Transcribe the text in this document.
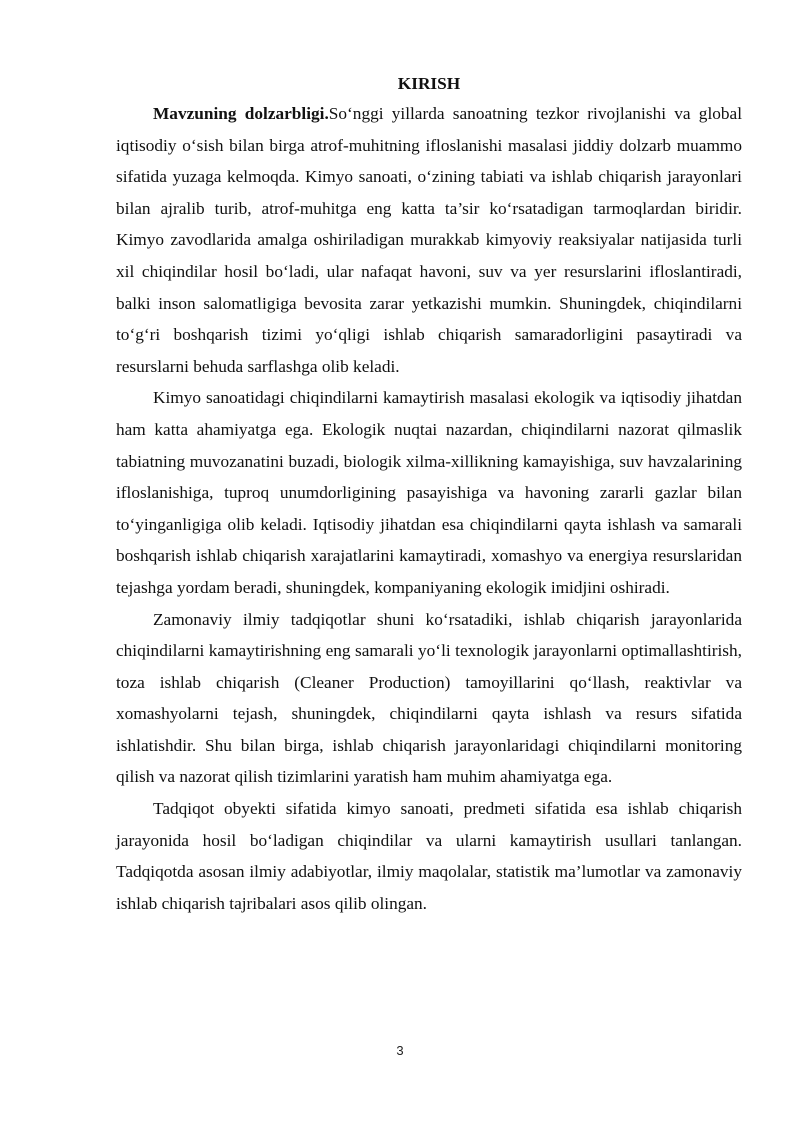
KIRISH

Mavzuning dolzarbligi.So‘nggi yillarda sanoatning tezkor rivojlanishi va global iqtisodiy o‘sish bilan birga atrof-muhitning ifloslanishi masalasi jiddiy dolzarb muammo sifatida yuzaga kelmoqda. Kimyo sanoati, o‘zining tabiati va ishlab chiqarish jarayonlari bilan ajralib turib, atrof-muhitga eng katta ta’sir ko‘rsatadigan tarmoqlardan biridir. Kimyo zavodlarida amalga oshiriladigan murakkab kimyoviy reaksiyalar natijasida turli xil chiqindilar hosil bo‘ladi, ular nafaqat havoni, suv va yer resurslarini ifloslantiradi, balki inson salomatligiga bevosita zarar yetkazishi mumkin. Shuningdek, chiqindilarni to‘g‘ri boshqarish tizimi yo‘qligi ishlab chiqarish samaradorligini pasaytiradi va resurslarni behuda sarflashga olib keladi.

Kimyo sanoatidagi chiqindilarni kamaytirish masalasi ekologik va iqtisodiy jihatdan ham katta ahamiyatga ega. Ekologik nuqtai nazardan, chiqindilarni nazorat qilmaslik tabiatning muvozanatini buzadi, biologik xilma-xillikning kamayishiga, suv havzalarining ifloslanishiga, tuproq unumdorligining pasayishiga va havoning zararli gazlar bilan to‘yinganligiga olib keladi. Iqtisodiy jihatdan esa chiqindilarni qayta ishlash va samarali boshqarish ishlab chiqarish xarajatlarini kamaytiradi, xomashyo va energiya resurslaridan tejashga yordam beradi, shuningdek, kompaniyaning ekologik imidjini oshiradi.

Zamonaviy ilmiy tadqiqotlar shuni ko‘rsatadiki, ishlab chiqarish jarayonlarida chiqindilarni kamaytirishning eng samarali yo‘li texnologik jarayonlarni optimallashtirish, toza ishlab chiqarish (Cleaner Production) tamoyillarini qo‘llash, reaktivlar va xomashyolarni tejash, shuningdek, chiqindilarni qayta ishlash va resurs sifatida ishlatishdir. Shu bilan birga, ishlab chiqarish jarayonlaridagi chiqindilarni monitoring qilish va nazorat qilish tizimlarini yaratish ham muhim ahamiyatga ega.

Tadqiqot obyekti sifatida kimyo sanoati, predmeti sifatida esa ishlab chiqarish jarayonida hosil bo‘ladigan chiqindilar va ularni kamaytirish usullari tanlangan. Tadqiqotda asosan ilmiy adabiyotlar, ilmiy maqolalar, statistik ma’lumotlar va zamonaviy ishlab chiqarish tajribalari asos qilib olingan.

3
